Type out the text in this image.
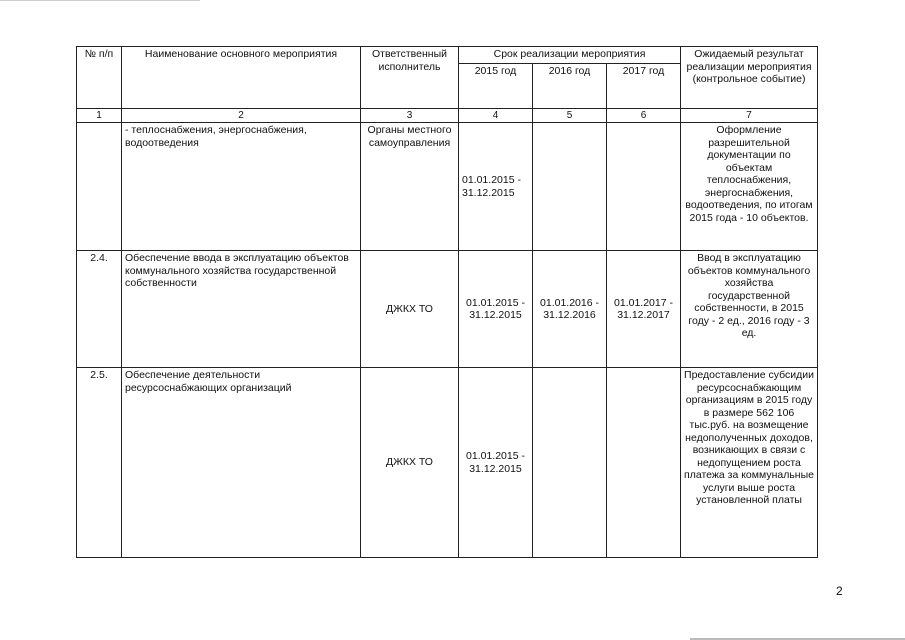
№ п/п	Наименование основного мероприятия	Ответственный исполнитель	Срок реализации мероприятия			Ожидаемый результат реализации мероприятия (контрольное событие)
			2015 год	2016 год	2017 год	
1	2	3	4	5	6	7
	- теплоснабжения, энергоснабжения, водоотведения	Органы местного самоуправления	01.01.2015 - 31.12.2015			Оформление разрешительной документации по объектам теплоснабжения, энергоснабжения, водоотведения, по итогам 2015 года - 10 объектов.
2.4.	Обеспечение ввода в эксплуатацию объектов коммунального хозяйства государственной собственности	ДЖКХ ТО	01.01.2015 - 31.12.2015	01.01.2016 - 31.12.2016	01.01.2017 - 31.12.2017	Ввод в эксплуатацию объектов коммунального хозяйства государственной собственности, в 2015 году - 2 ед., 2016 году - 3 ед.
2.5.	Обеспечение деятельности ресурсоснабжающих организаций	ДЖКХ ТО	01.01.2015 - 31.12.2015			Предоставление субсидии ресурсоснабжающим организациям в 2015 году в размере 562 106 тыс.руб. на возмещение недополученных доходов, возникающих в связи с недопущением роста платежа за коммунальные услуги выше роста установленной платы
2
